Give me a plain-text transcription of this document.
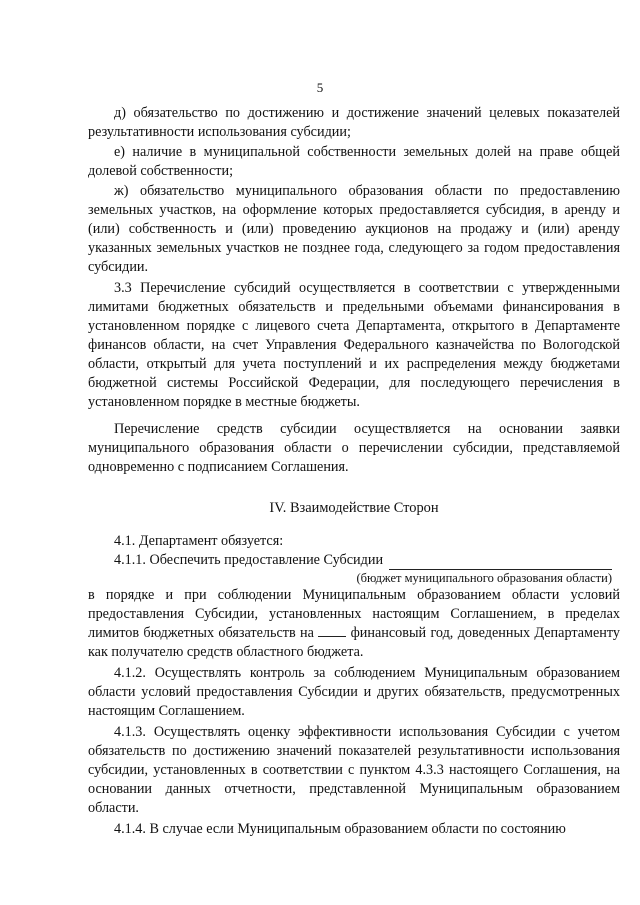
5

д) обязательство по достижению и достижение значений целевых показателей результативности использования субсидии;

е) наличие в муниципальной собственности земельных долей на праве общей долевой собственности;

ж) обязательство муниципального образования области по предоставлению земельных участков, на оформление которых предоставляется субсидия, в аренду и (или) собственность и (или) проведению аукционов на продажу и (или) аренду указанных земельных участков не позднее года, следующего за годом предоставления субсидии.

3.3 Перечисление субсидий осуществляется в соответствии с утвержденными лимитами бюджетных обязательств и предельными объемами финансирования в установленном порядке с лицевого счета Департамента, открытого в Департаменте финансов области, на счет Управления Федерального казначейства по Вологодской области, открытый для учета поступлений и их распределения между бюджетами бюджетной системы Российской Федерации, для последующего перечисления в установленном порядке в местные бюджеты.

Перечисление средств субсидии осуществляется на основании заявки муниципального образования области о перечислении субсидии, представляемой одновременно с подписанием Соглашения.

IV. Взаимодействие Сторон

4.1. Департамент обязуется:

4.1.1. Обеспечить предоставление Субсидии

(бюджет муниципального образования области)

в порядке и при соблюдении Муниципальным образованием области условий предоставления Субсидии, установленных настоящим Соглашением, в пределах лимитов бюджетных обязательств на	финансовый год, доведенных Департаменту как получателю средств областного бюджета.

4.1.2. Осуществлять контроль за соблюдением Муниципальным образованием области условий предоставления Субсидии и других обязательств, предусмотренных настоящим Соглашением.

4.1.3. Осуществлять оценку эффективности использования Субсидии с учетом обязательств по достижению значений показателей результативности использования субсидии, установленных в соответствии с пунктом 4.3.3 настоящего Соглашения, на основании данных отчетности, представленной Муниципальным образованием области.

4.1.4. В случае если Муниципальным образованием области по состоянию
